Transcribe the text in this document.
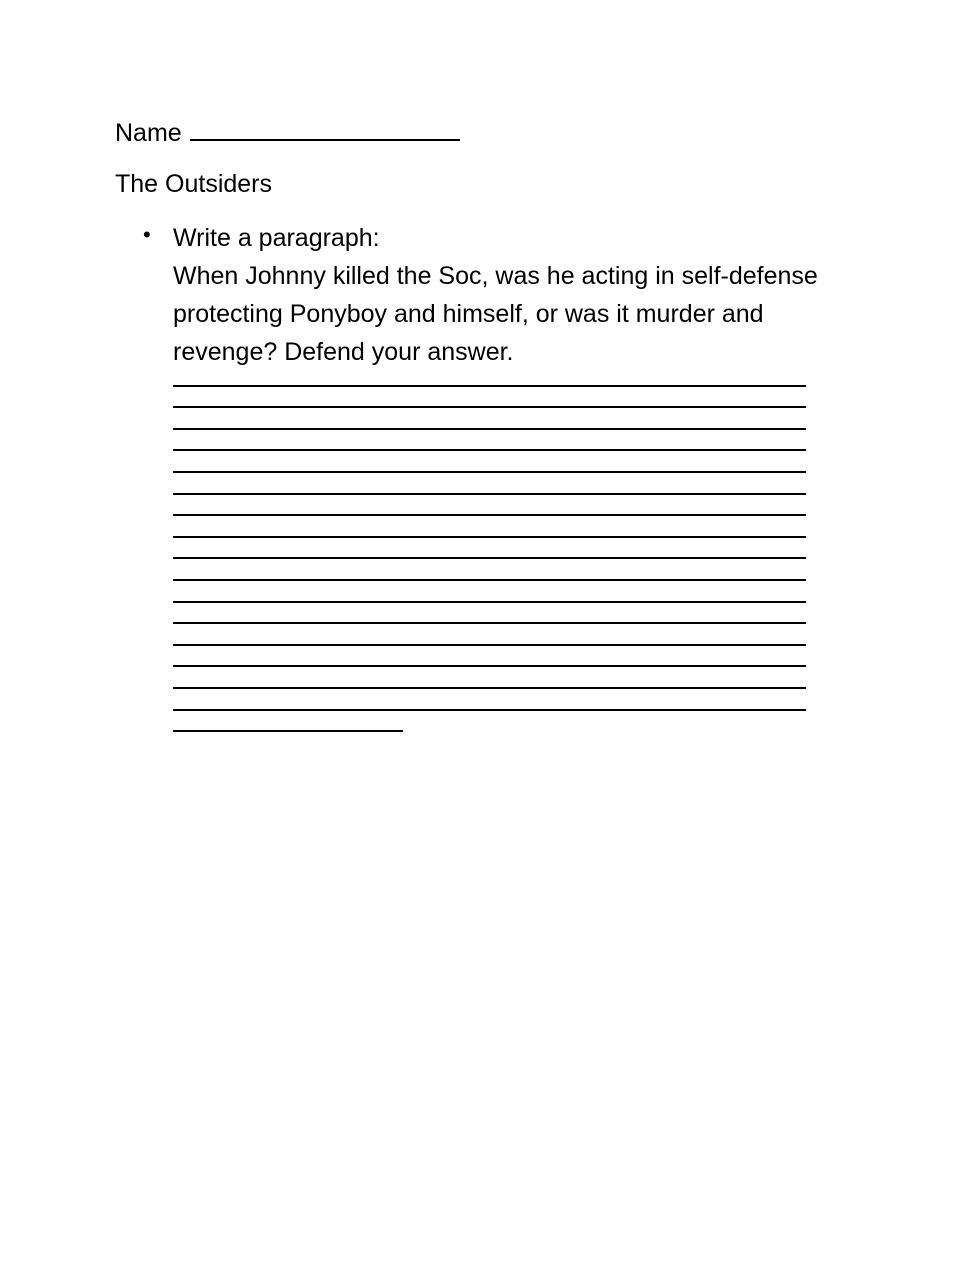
Name
The Outsiders
• Write a paragraph:
When Johnny killed the Soc, was he acting in self-defense
protecting Ponyboy and himself, or was it murder and
revenge? Defend your answer.
